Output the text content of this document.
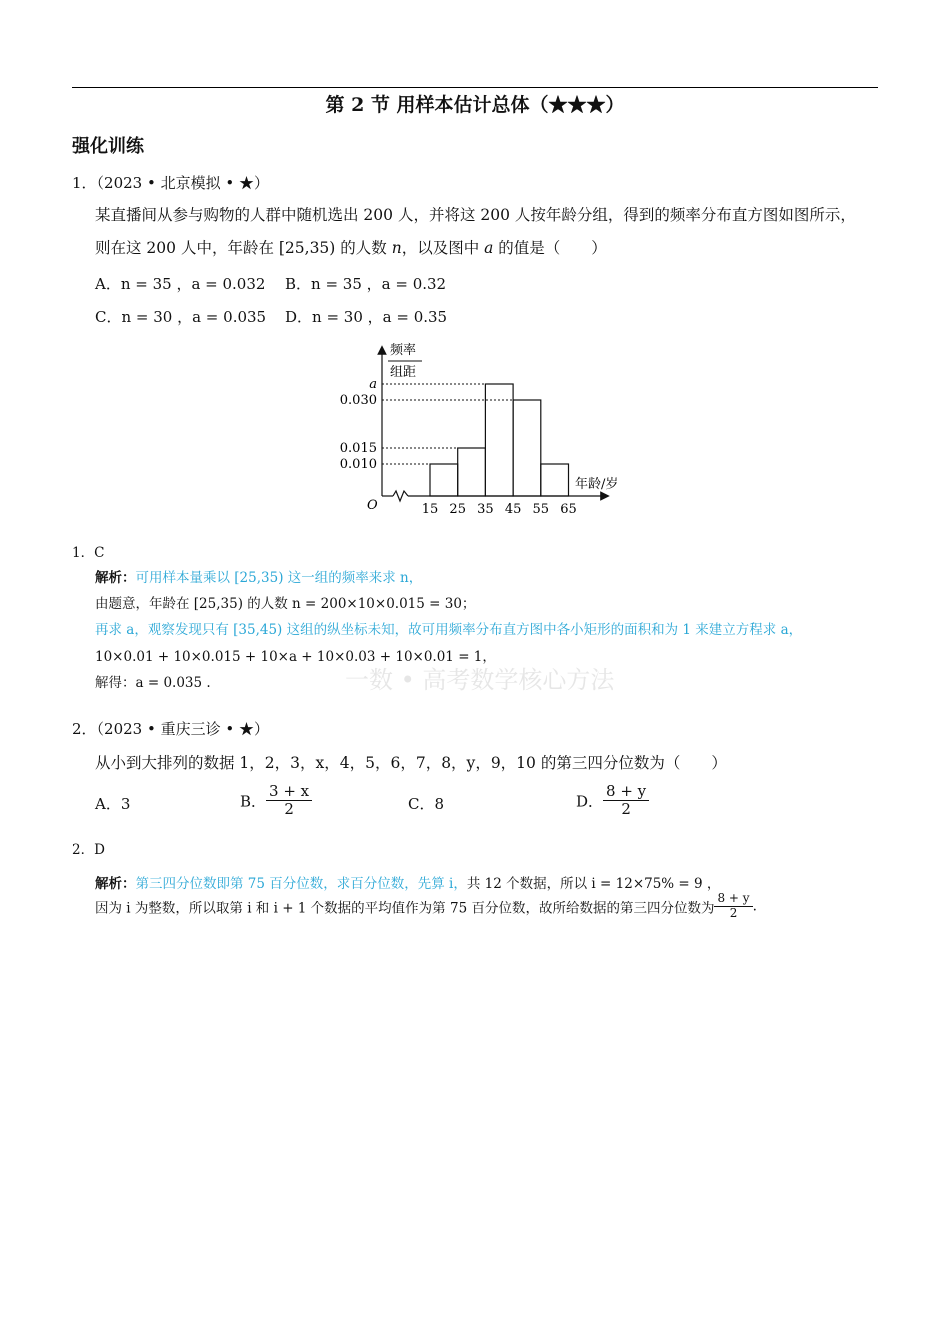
第 2 节 用样本估计总体（★★★）
强化训练
1．（2023 • 北京模拟 • ★）
某直播间从参与购物的人群中随机选出 200 人，并将这 200 人按年龄分组，得到的频率分布直方图如图所示，
则在这 200 人中，年龄在 [25,35) 的人数 n，以及图中 a 的值是（　　）
A．n = 35 ，a = 0.032 B．n = 35 ，a = 0.32
C．n = 30 ，a = 0.035 D．n = 30 ，a = 0.35
频率
组距
年龄/岁
O
a
0.030
0.015
0.010
15 25 35 45 55 65
1．C
解析：可用样本量乘以 [25,35) 这一组的频率来求 n，
由题意，年龄在 [25,35) 的人数 n = 200×10×0.015 = 30；
再求 a，观察发现只有 [35,45) 这组的纵坐标未知，故可用频率分布直方图中各小矩形的面积和为 1 来建立方程求 a，
10×0.01 + 10×0.015 + 10×a + 10×0.03 + 10×0.01 = 1，
解得：a = 0.035 .	一数 • 高考数学核心方法
2．（2023 • 重庆三诊 • ★）
从小到大排列的数据 1，2，3，x，4，5，6，7，8，y，9，10 的第三四分位数为（　　）
A．3	B． $\frac{3 + x}{2}$	C．8	D． $\frac{8 + y}{2}$
2．D
解析：第三四分位数即第 75 百分位数，求百分位数，先算 i，共 12 个数据，所以 i = 12×75% = 9 ，
因为 i 为整数，所以取第 i 和 i + 1 个数据的平均值作为第 75 百分位数，故所给数据的第三四分位数为 $\frac{8 + y}{2}$ .
